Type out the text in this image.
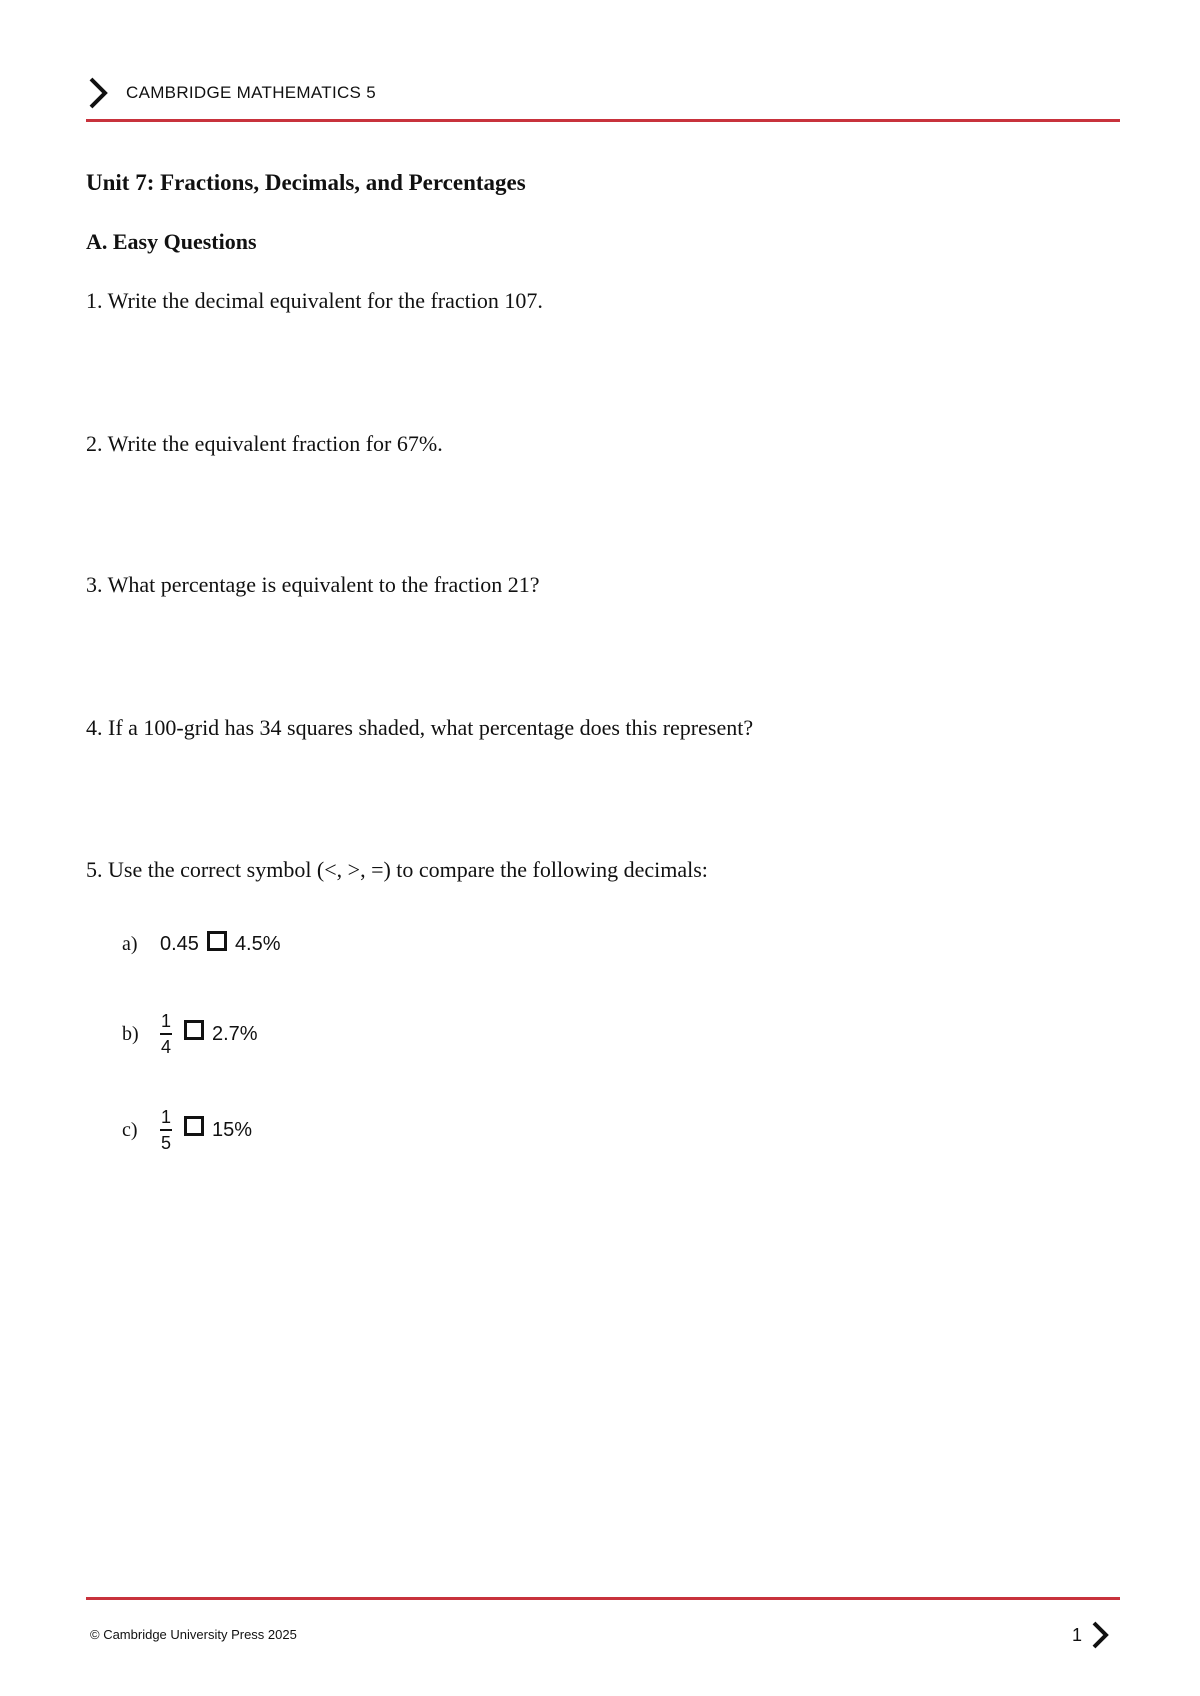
CAMBRIDGE MATHEMATICS 5
Unit 7: Fractions, Decimals, and Percentages
A. Easy Questions
1. Write the decimal equivalent for the fraction 107.
2. Write the equivalent fraction for 67%.
3. What percentage is equivalent to the fraction 21?
4. If a 100-grid has 34 squares shaded, what percentage does this represent?
5. Use the correct symbol (<, >, =) to compare the following decimals:
a)	0.45 4.5%
b)	$\frac{1}{4} 2.7\%$
c)	$\frac{1}{5} 15\%$
© Cambridge University Press 2025	1
